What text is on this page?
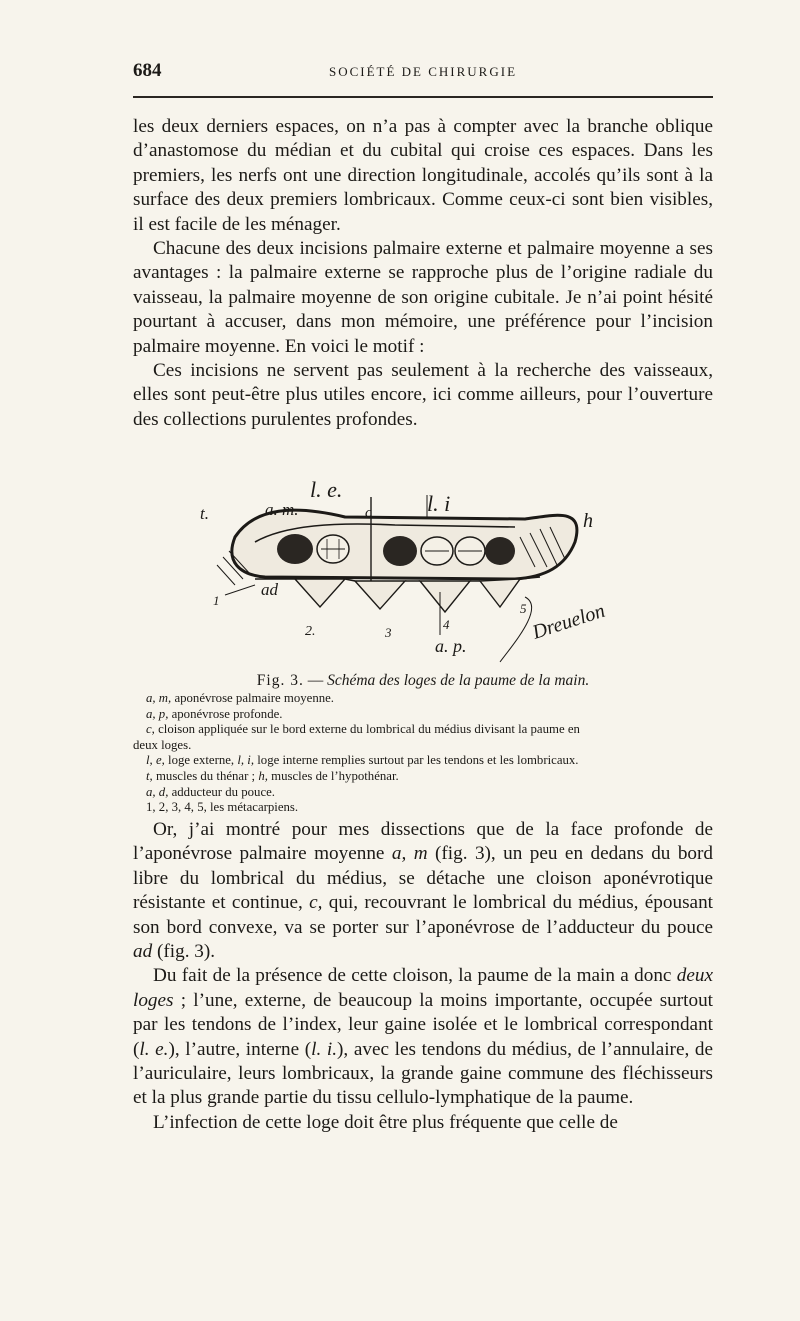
684	SOCIÉTÉ DE CHIRURGIE

les deux derniers espaces, on n’a pas à compter avec la branche oblique d’anastomose du médian et du cubital qui croise ces espaces. Dans les premiers, les nerfs ont une direction longitudinale, accolés qu’ils sont à la surface des deux premiers lombricaux. Comme ceux-ci sont bien visibles, il est facile de les ménager.

Chacune des deux incisions palmaire externe et palmaire moyenne a ses avantages : la palmaire externe se rapproche plus de l’origine radiale du vaisseau, la palmaire moyenne de son origine cubitale. Je n’ai point hésité pourtant à accuser, dans mon mémoire, une préférence pour l’incision palmaire moyenne. En voici le motif :

Ces incisions ne servent pas seulement à la recherche des vaisseaux, elles sont peut-être plus utiles encore, ici comme ailleurs, pour l’ouverture des collections purulentes profondes.

l. e.
a. m.	c	l. i
t.	h
ad
1
2.	3
4
5
a. p.
Dreuelon
Fig. 3. — Schéma des loges de la paume de la main.
a, m, aponévrose palmaire moyenne.
a, p, aponévrose profonde.
c, cloison appliquée sur le bord externe du lombrical du médius divisant la paume en
deux loges.
l, e, loge externe, l, i, loge interne remplies surtout par les tendons et les lombricaux.
t, muscles du thénar ; h, muscles de l’hypothénar.
a, d, adducteur du pouce.
1, 2, 3, 4, 5, les métacarpiens.

Or, j’ai montré pour mes dissections que de la face profonde de l’aponévrose palmaire moyenne a, m (fig. 3), un peu en dedans du bord libre du lombrical du médius, se détache une cloison aponévrotique résistante et continue, c, qui, recouvrant le lombrical du médius, épousant son bord convexe, va se porter sur l’aponévrose de l’adducteur du pouce ad (fig. 3).

Du fait de la présence de cette cloison, la paume de la main a donc deux loges ; l’une, externe, de beaucoup la moins importante, occupée surtout par les tendons de l’index, leur gaine isolée et le lombrical correspondant (l. e.), l’autre, interne (l. i.), avec les tendons du médius, de l’annulaire, de l’auriculaire, leurs lombricaux, la grande gaine commune des fléchisseurs et la plus grande partie du tissu cellulo-lymphatique de la paume.

L’infection de cette loge doit être plus fréquente que celle de
